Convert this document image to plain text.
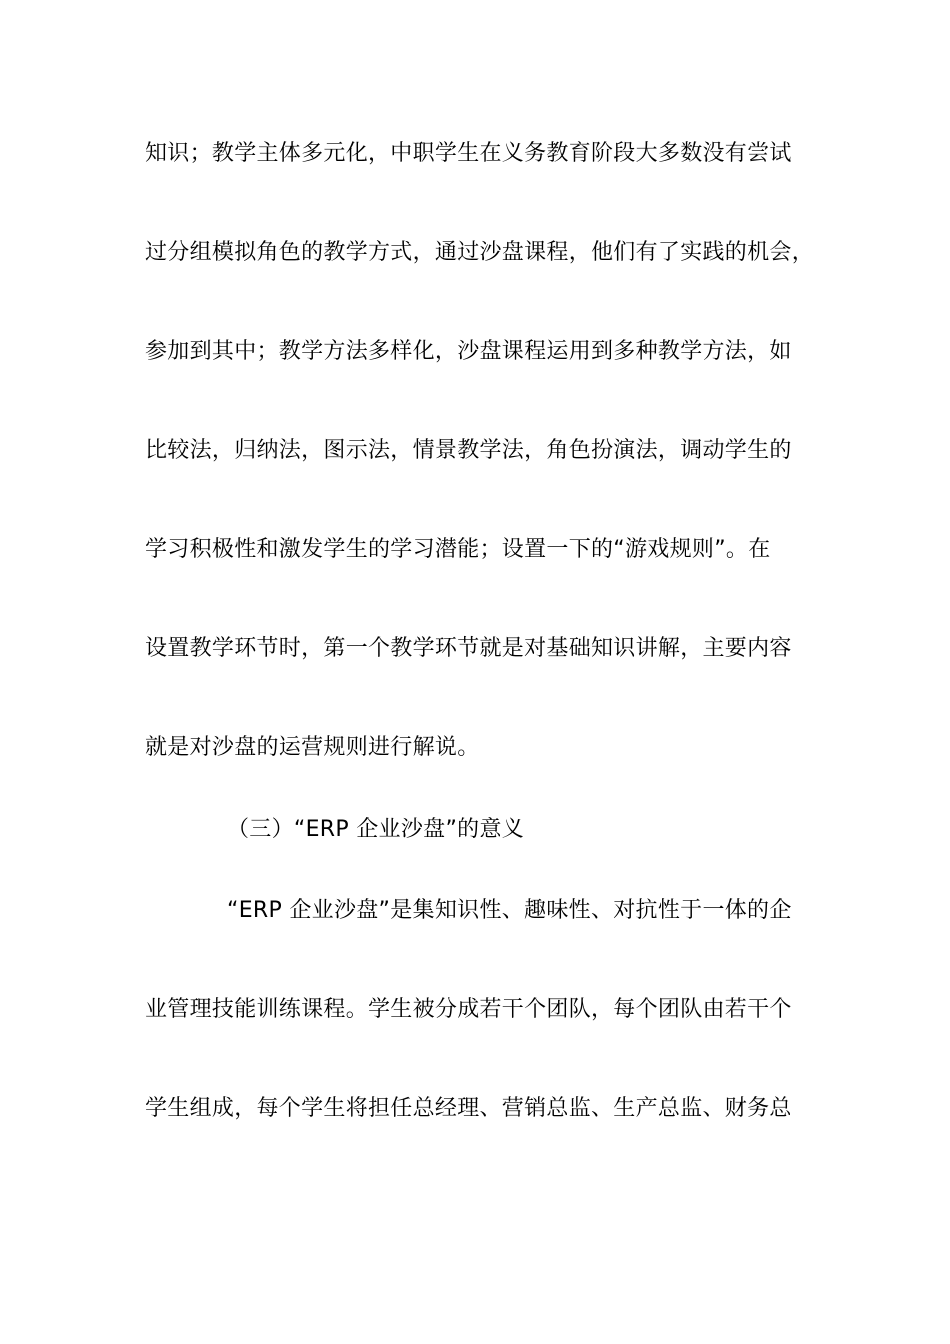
知识；教学主体多元化，中职学生在义务教育阶段大多数没有尝试
过分组模拟角色的教学方式，通过沙盘课程，他们有了实践的机会，
参加到其中；教学方法多样化，沙盘课程运用到多种教学方法，如
比较法，归纳法，图示法，情景教学法，角色扮演法，调动学生的
学习积极性和激发学生的学习潜能；设置一下的“游戏规则”。在
设置教学环节时，第一个教学环节就是对基础知识讲解，主要内容
就是对沙盘的运营规则进行解说。
（三）“ERP 企业沙盘”的意义
“ERP 企业沙盘”是集知识性、趣味性、对抗性于一体的企
业管理技能训练课程。学生被分成若干个团队，每个团队由若干个
学生组成，每个学生将担任总经理、营销总监、生产总监、财务总
